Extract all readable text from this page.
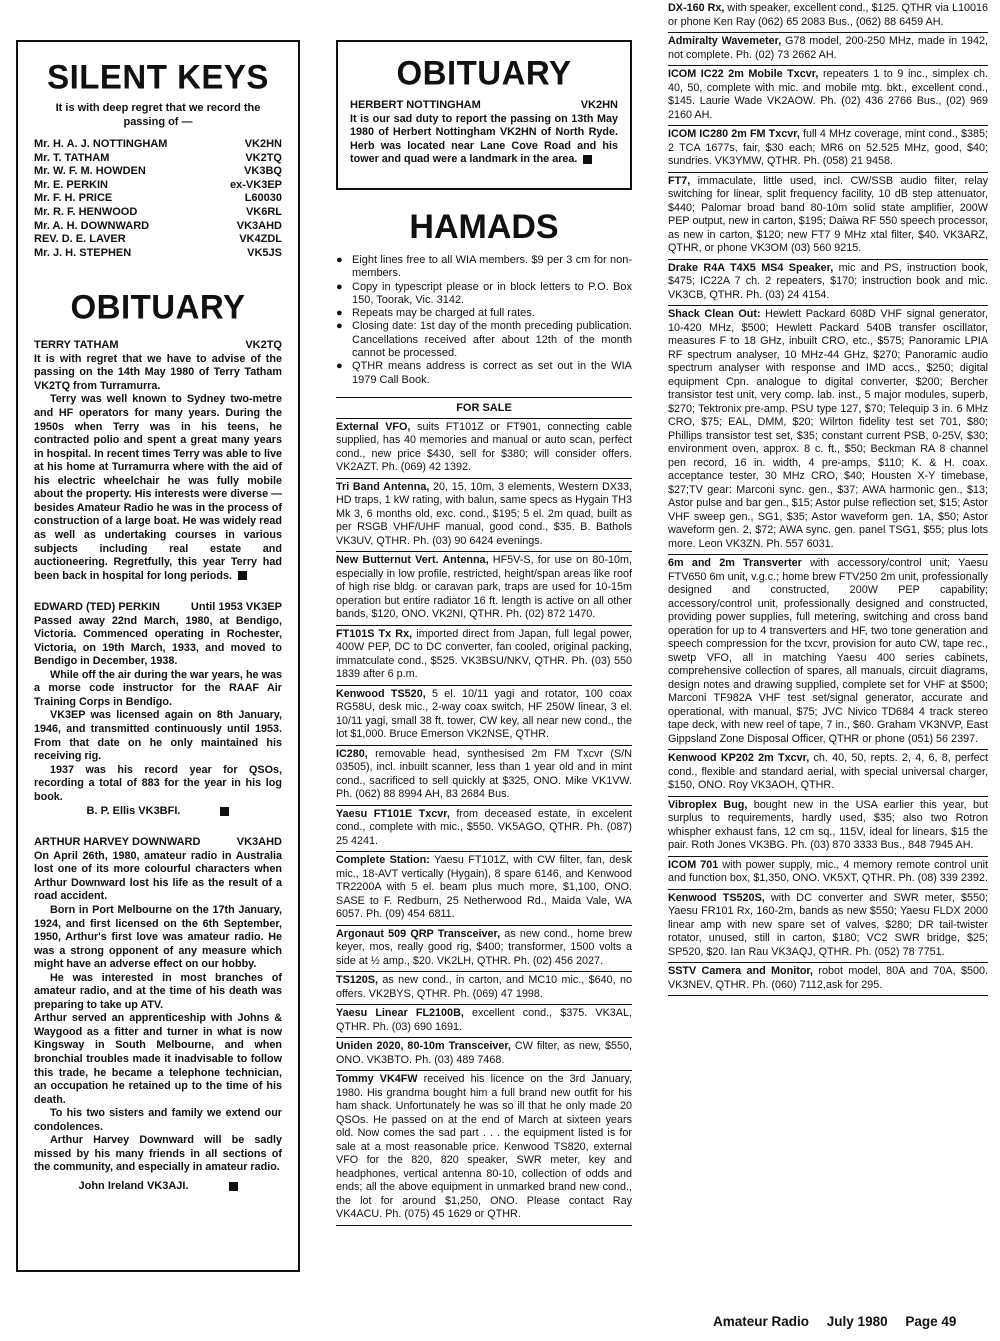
SILENT KEYS
It is with deep regret that we record the passing of —
Mr. H. A. J. NOTTINGHAM	VK2HN
Mr. T. TATHAM	VK2TQ
Mr. W. F. M. HOWDEN	VK3BQ
Mr. E. PERKIN	ex-VK3EP
Mr. F. H. PRICE	L60030
Mr. R. F. HENWOOD	VK6RL
Mr. A. H. DOWNWARD	VK3AHD
REV. D. E. LAVER	VK4ZDL
Mr. J. H. STEPHEN	VK5JS
OBITUARY
TERRY TATHAM	VK2TQ

It is with regret that we have to advise of the passing on the 14th May 1980 of Terry Tatham VK2TQ from Turramurra.

Terry was well known to Sydney two-metre and HF operators for many years. During the 1950s when Terry was in his teens, he contracted polio and spent a great many years in hospital. In recent times Terry was able to live at his home at Turramurra where with the aid of his electric wheelchair he was fully mobile about the property. His interests were diverse — besides Amateur Radio he was in the process of construction of a large boat. He was widely read as well as undertaking courses in various subjects including real estate and auctioneering. Regretfully, this year Terry had been back in hospital for long periods.

EDWARD (TED) PERKIN	Until 1953 VK3EP

Passed away 22nd March, 1980, at Bendigo, Victoria. Commenced operating in Rochester, Victoria, on 19th March, 1933, and moved to Bendigo in December, 1938.

While off the air during the war years, he was a morse code instructor for the RAAF Air Training Corps in Bendigo.

VK3EP was licensed again on 8th January, 1946, and transmitted continuously until 1953. From that date on he only maintained his receiving rig.

1937 was his record year for QSOs, recording a total of 883 for the year in his log book.

B. P. Ellis VK3BFI.
ARTHUR HARVEY DOWNWARD	VK3AHD

On April 26th, 1980, amateur radio in Australia lost one of its more colourful characters when Arthur Downward lost his life as the result of a road accident.

Born in Port Melbourne on the 17th January, 1924, and first licensed on the 6th September, 1950, Arthur's first love was amateur radio. He was a strong opponent of any measure which might have an adverse effect on our hobby.

He was interested in most branches of amateur radio, and at the time of his death was preparing to take up ATV.

Arthur served an apprenticeship with Johns & Waygood as a fitter and turner in what is now Kingsway in South Melbourne, and when bronchial troubles made it inadvisable to follow this trade, he became a telephone technician, an occupation he retained up to the time of his death.

To his two sisters and family we extend our condolences.

Arthur Harvey Downward will be sadly missed by his many friends in all sections of the community, and especially in amateur radio.

John Ireland VK3AJI.
OBITUARY
HERBERT NOTTINGHAM	VK2HN

It is our sad duty to report the passing on 13th May 1980 of Herbert Nottingham VK2HN of North Ryde. Herb was located near Lane Cove Road and his tower and quad were a landmark in the area.

HAMADS
● Eight lines free to all WIA members. $9 per 3 cm for non-members.
● Copy in typescript please or in block letters to P.O. Box 150, Toorak, Vic. 3142.
● Repeats may be charged at full rates.
● Closing date: 1st day of the month preceding publication. Cancellations received after about 12th of the month cannot be processed.
● QTHR means address is correct as set out in the WIA 1979 Call Book.
FOR SALE
External VFO, suits FT101Z or FT901, connecting cable supplied, has 40 memories and manual or auto scan, perfect cond., new price $430, sell for $380; will consider offers. VK2AZT. Ph. (069) 42 1392.
Tri Band Antenna, 20, 15, 10m, 3 elements, Western DX33, HD traps, 1 kW rating, with balun, same specs as Hygain TH3 Mk 3, 6 months old, exc. cond., $195; 5 el. 2m quad, built as per RSGB VHF/UHF manual, good cond., $35. B. Bathols VK3UV, QTHR. Ph. (03) 90 6424 evenings.
New Butternut Vert. Antenna, HF5V-S, for use on 80-10m, especially in low profile, restricted, height/span areas like roof of high rise bldg. or caravan park, traps are used for 10-15m operation but entire radiator 16 ft. length is active on all other bands, $120, ONO. VK2NI, QTHR. Ph. (02) 872 1470.
FT101S Tx Rx, imported direct from Japan, full legal power, 400W PEP, DC to DC converter, fan cooled, original packing, immatculate cond., $525. VK3BSU/NKV, QTHR. Ph. (03) 550 1839 after 6 p.m.
Kenwood TS520, 5 el. 10/11 yagi and rotator, 100 coax RG58U, desk mic., 2-way coax switch, HF 250W linear, 3 el. 10/11 yagi, small 38 ft. tower, CW key, all near new cond., the lot $1,000. Bruce Emerson VK2NSE, QTHR.
IC280, removable head, synthesised 2m FM Txcvr (S/N 03505), incl. inbuilt scanner, less than 1 year old and in mint cond., sacrificed to sell quickly at $325, ONO. Mike VK1VW. Ph. (062) 88 8994 AH, 83 2684 Bus.
Yaesu FT101E Txcvr, from deceased estate, in excelent cond., complete with mic., $550. VK5AGO, QTHR. Ph. (087) 25 4241.
Complete Station: Yaesu FT101Z, with CW filter, fan, desk mic., 18-AVT vertically (Hygain), 8 spare 6146, and Kenwood TR2200A with 5 el. beam plus much more, $1,100, ONO. SASE to F. Redburn, 25 Netherwood Rd., Maida Vale, WA 6057. Ph. (09) 454 6811.
Argonaut 509 QRP Transceiver, as new cond., home brew keyer, mos, really good rig, $400; transformer, 1500 volts a side at ½ amp., $20. VK2LH, QTHR. Ph. (02) 456 2027.
TS120S, as new cond., in carton, and MC10 mic., $640, no offers. VK2BYS, QTHR. Ph. (069) 47 1998.
Yaesu Linear FL2100B, excellent cond., $375. VK3AL, QTHR. Ph. (03) 690 1691.
Uniden 2020, 80-10m Transceiver, CW filter, as new, $550, ONO. VK3BTO. Ph. (03) 489 7468.
Tommy VK4FW received his licence on the 3rd January, 1980. His grandma bought him a full brand new outfit for his ham shack. Unfortunately he was so ill that he only made 20 QSOs. He passed on at the end of March at sixteen years old. Now comes the sad part . . . the equipment listed is for sale at a most reasonable price. Kenwood TS820, external VFO for the 820, 820 speaker, SWR meter, key and headphones, vertical antenna 80-10, collection of odds and ends; all the above equipment in unmarked brand new cond., the lot for around $1,250, ONO. Please contact Ray VK4ACU. Ph. (075) 45 1629 or QTHR.
DX-160 Rx, with speaker, excellent cond., $125. QTHR via L10016 or phone Ken Ray (062) 65 2083 Bus., (062) 88 6459 AH.
Admiralty Wavemeter, G78 model, 200-250 MHz, made in 1942, not complete. Ph. (02) 73 2662 AH.
ICOM IC22 2m Mobile Txcvr, repeaters 1 to 9 inc., simplex ch. 40, 50, complete with mic. and mobile mtg. bkt., excellent cond., $145. Laurie Wade VK2AOW. Ph. (02) 436 2766 Bus., (02) 969 2160 AH.
ICOM IC280 2m FM Txcvr, full 4 MHz coverage, mint cond., $385; 2 TCA 1677s, fair, $30 each; MR6 on 52.525 MHz, good, $40; sundries. VK3YMW, QTHR. Ph. (058) 21 9458.
FT7, immaculate, little used, incl. CW/SSB audio filter, relay switching for linear, split frequency facility, 10 dB step attenuator, $440; Palomar broad band 80-10m solid state amplifier, 200W PEP output, new in carton, $195; Daiwa RF 550 speech processor, as new in carton, $120; new FT7 9 MHz xtal filter, $40. VK3ARZ, QTHR, or phone VK3OM (03) 560 9215.
Drake R4A T4X5 MS4 Speaker, mic and PS, instruction book, $475; IC22A 7 ch. 2 repeaters, $170; instruction book and mic. VK3CB, QTHR. Ph. (03) 24 4154.
Shack Clean Out: Hewlett Packard 608D VHF signal generator, 10-420 MHz, $500; Hewlett Packard 540B transfer oscillator, measures F to 18 GHz, inbuilt CRO, etc., $575; Panoramic LPIA RF spectrum analyser, 10 MHz-44 GHz, $270; Panoramic audio spectrum analyser with response and IMD accs., $250; digital equipment Cpn. analogue to digital converter, $200; Bercher transistor test unit, very comp. lab. inst., 5 major modules, superb, $270; Tektronix pre-amp. PSU type 127, $70; Telequip 3 in. 6 MHz CRO, $75; EAL, DMM, $20; Wilrton fidelity test set 701, $80; Phillips transistor test set, $35; constant current PSB, 0-25V, $30; environment oven, approx. 8 c. ft., $50; Beckman RA 8 channel pen record, 16 in. width, 4 pre-amps, $110; K. & H. coax. acceptance tester, 30 MHz CRO, $40; Housten X-Y timebase, $27;TV gear: Marconi sync. gen., $37; AWA harmonic gen., $13; Astor pulse and bar gen., $15; Astor pulse reflection set, $15; Astor VHF sweep gen., SG1, $35; Astor waveform gen. 1A, $50; Astor waveform gen. 2, $72; AWA sync. gen. panel TSG1, $55; plus lots more. Leon VK3ZN. Ph. 557 6031.
6m and 2m Transverter with accessory/control unit; Yaesu FTV650 6m unit, v.g.c.; home brew FTV250 2m unit, professionally designed and constructed, 200W PEP capability; accessory/control unit, professionally designed and constructed, providing power supplies, full metering, switching and cross band operation for up to 4 transverters and HF, two tone generation and speech compression for the txcvr, provision for auto CW, tape rec., swetp VFO, all in matching Yaesu 400 series cabinets, comprehensive collection of spares, all manuals, circuit diagrams, design notes and drawing supplied, complete set for VHF at $500; Marconi TF982A VHF test set/signal generator, accurate and operational, with manual, $75; JVC Nivico TD684 4 track stereo tape deck, with new reel of tape, 7 in., $60. Graham VK3NVP, East Gippsland Zone Disposal Officer, QTHR or phone (051) 56 2397.
Kenwood KP202 2m Txcvr, ch. 40, 50, repts. 2, 4, 6, 8, perfect cond., flexible and standard aerial, with special universal charger, $150, ONO. Roy VK3AOH, QTHR.
Vibroplex Bug, bought new in the USA earlier this year, but surplus to requirements, hardly used, $35; also two Rotron whispher exhaust fans, 12 cm sq., 115V, ideal for linears, $15 the pair. Roth Jones VK3BG. Ph. (03) 870 3333 Bus., 848 7945 AH.
ICOM 701 with power supply, mic., 4 memory remote control unit and function box, $1,350, ONO. VK5XT, QTHR. Ph. (08) 339 2392.
Kenwood TS520S, with DC converter and SWR meter, $550; Yaesu FR101 Rx, 160-2m, bands as new $550; Yaesu FLDX 2000 linear amp with new spare set of valves, $280; DR tail-twister rotator, unused, still in carton, $180; VC2 SWR bridge, $25; SP520, $20. Ian Rau VK3AQJ, QTHR. Ph. (052) 78 7751.
SSTV Camera and Monitor, robot model, 80A and 70A, $500. VK3NEV, QTHR. Ph. (060) 7112,ask for 295.
Amateur Radio July 1980 Page 49
